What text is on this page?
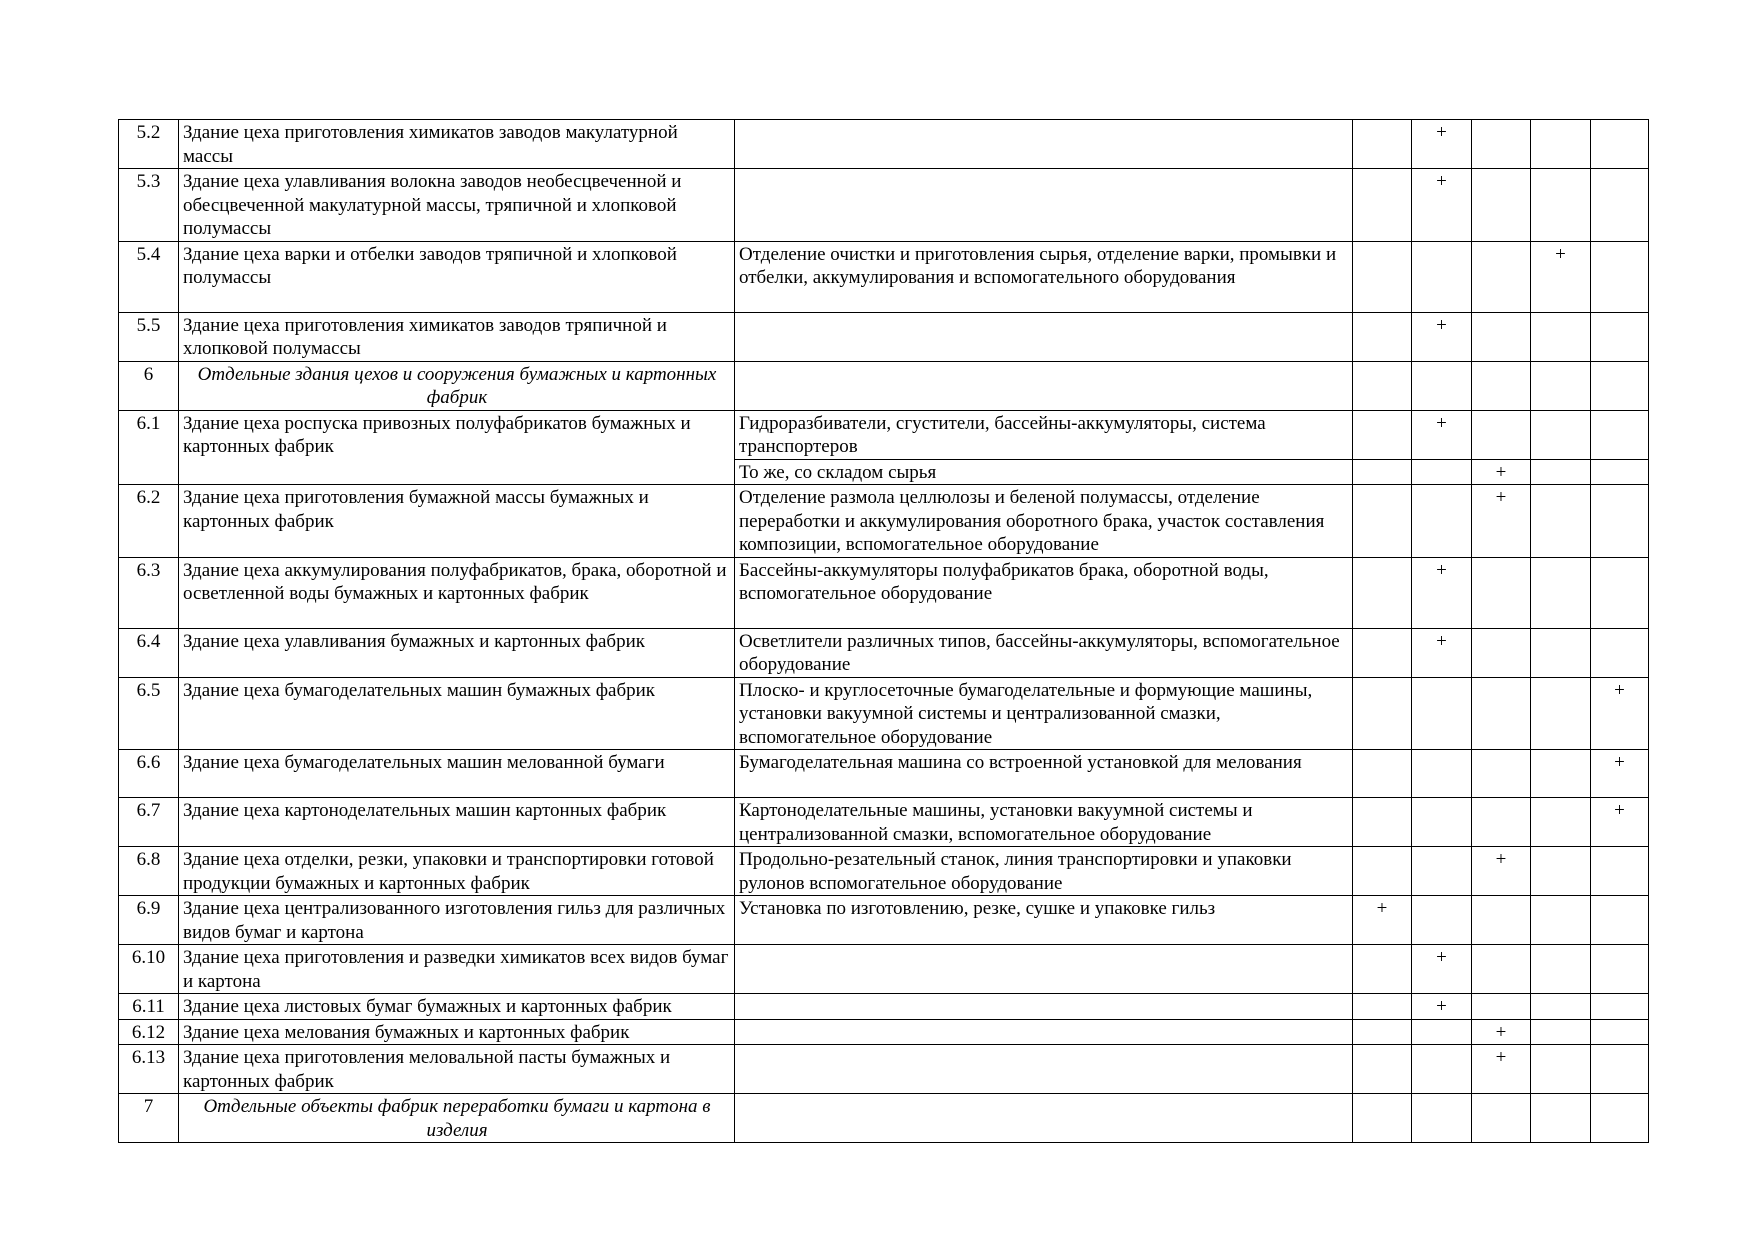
5.2	Здание цеха приготовления химикатов заводов макулатурной массы			+			
5.3	Здание цеха улавливания волокна заводов необесцвеченной и обесцвеченной макулатурной массы, тряпичной и хлопковой полумассы			+			
5.4	Здание цеха варки и отбелки заводов тряпичной и хлопковой полумассы	Отделение очистки и приготовления сырья, отделение варки, промывки и отбелки, аккумулирования и вспомогательного оборудования				+	
5.5	Здание цеха приготовления химикатов заводов тряпичной и хлопковой полумассы			+			
6	Отдельные здания цехов и сооружения бумажных и картонных фабрик						
6.1	Здание цеха роспуска привозных полуфабрикатов бумажных и картонных фабрик	Гидроразбиватели, сгустители, бассейны-аккумуляторы, система транспортеров		+			
		То же, со складом сырья			+		
6.2	Здание цеха приготовления бумажной массы бумажных и картонных фабрик	Отделение размола целлюлозы и беленой полумассы, отделение переработки и аккумулирования оборотного брака, участок составления композиции, вспомогательное оборудование			+		
6.3	Здание цеха аккумулирования полуфабрикатов, брака, оборотной и осветленной воды бумажных и картонных фабрик	Бассейны-аккумуляторы полуфабрикатов брака, оборотной воды, вспомогательное оборудование		+			
6.4	Здание цеха улавливания бумажных и картонных фабрик	Осветлители различных типов, бассейны-аккумуляторы, вспомогательное оборудование		+			
6.5	Здание цеха бумагоделательных машин бумажных фабрик	Плоско- и круглосеточные бумагоделательные и формующие машины, установки вакуумной системы и централизованной смазки, вспомогательное оборудование					+
6.6	Здание цеха бумагоделательных машин мелованной бумаги	Бумагоделательная машина со встроенной установкой для мелования					+
6.7	Здание цеха картоноделательных машин картонных фабрик	Картоноделательные машины, установки вакуумной системы и централизованной смазки, вспомогательное оборудование					+
6.8	Здание цеха отделки, резки, упаковки и транспортировки готовой продукции бумажных и картонных фабрик	Продольно-резательный станок, линия транспортировки и упаковки рулонов вспомогательное оборудование			+		
6.9	Здание цеха централизованного изготовления гильз для различных видов бумаг и картона	Установка по изготовлению, резке, сушке и упаковке гильз	+				
6.10	Здание цеха приготовления и разведки химикатов всех видов бумаг и картона			+			
6.11	Здание цеха листовых бумаг бумажных и картонных фабрик			+			
6.12	Здание цеха мелования бумажных и картонных фабрик				+		
6.13	Здание цеха приготовления меловальной пасты бумажных и картонных фабрик				+		
7	Отдельные объекты фабрик переработки бумаги и картона в изделия						
